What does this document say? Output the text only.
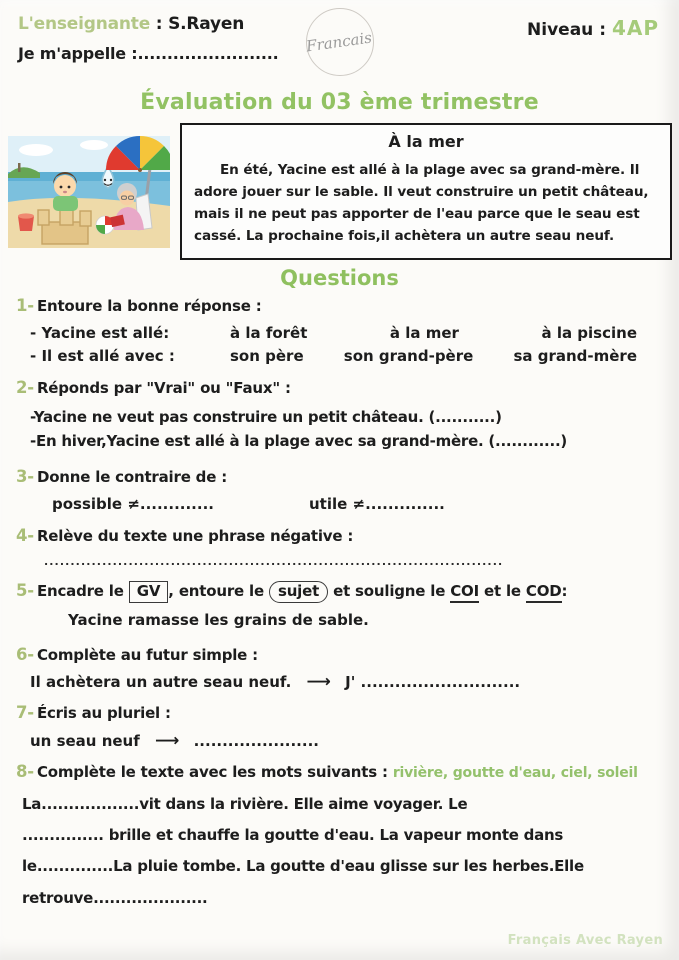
L'enseignante : S.Rayen
Je m'appelle :........................	Francais	Niveau : 4AP
Évaluation du 03 ème trimestre
À la mer

En été, Yacine est allé à la plage avec sa grand-mère. Il adore jouer sur le sable. Il veut construire un petit château, mais il ne peut pas apporter de l'eau parce que le seau est cassé. La prochaine fois,il achètera un autre seau neuf.

Questions
1- Entoure la bonne réponse :
- Yacine est allé:	à la forêt	à la mer	à la piscine
- Il est allé avec :	son père	son grand-père	sa grand-mère
2- Réponds par "Vrai" ou "Faux" :
-Yacine ne veut pas construire un petit château. (...........)
-En hiver,Yacine est allé à la plage avec sa grand-mère. (............)
3- Donne le contraire de :
possible ≠.............	utile ≠..............
4- Relève du texte une phrase négative :
.......................................................................................
5- Encadre le GV , entoure le sujet et souligne le COI et le COD:
Yacine ramasse les grains de sable.
6- Complète au futur simple :
Il achètera un autre seau neuf. ⟶ J' ............................
7- Écris au pluriel :
un seau neuf ⟶ ......................
8- Complète le texte avec les mots suivants : rivière, goutte d'eau, ciel, soleil
La..................vit dans la rivière. Elle aime voyager. Le
............... brille et chauffe la goutte d'eau. La vapeur monte dans
le..............La pluie tombe. La goutte d'eau glisse sur les herbes.Elle
retrouve.....................
Français Avec Rayen
